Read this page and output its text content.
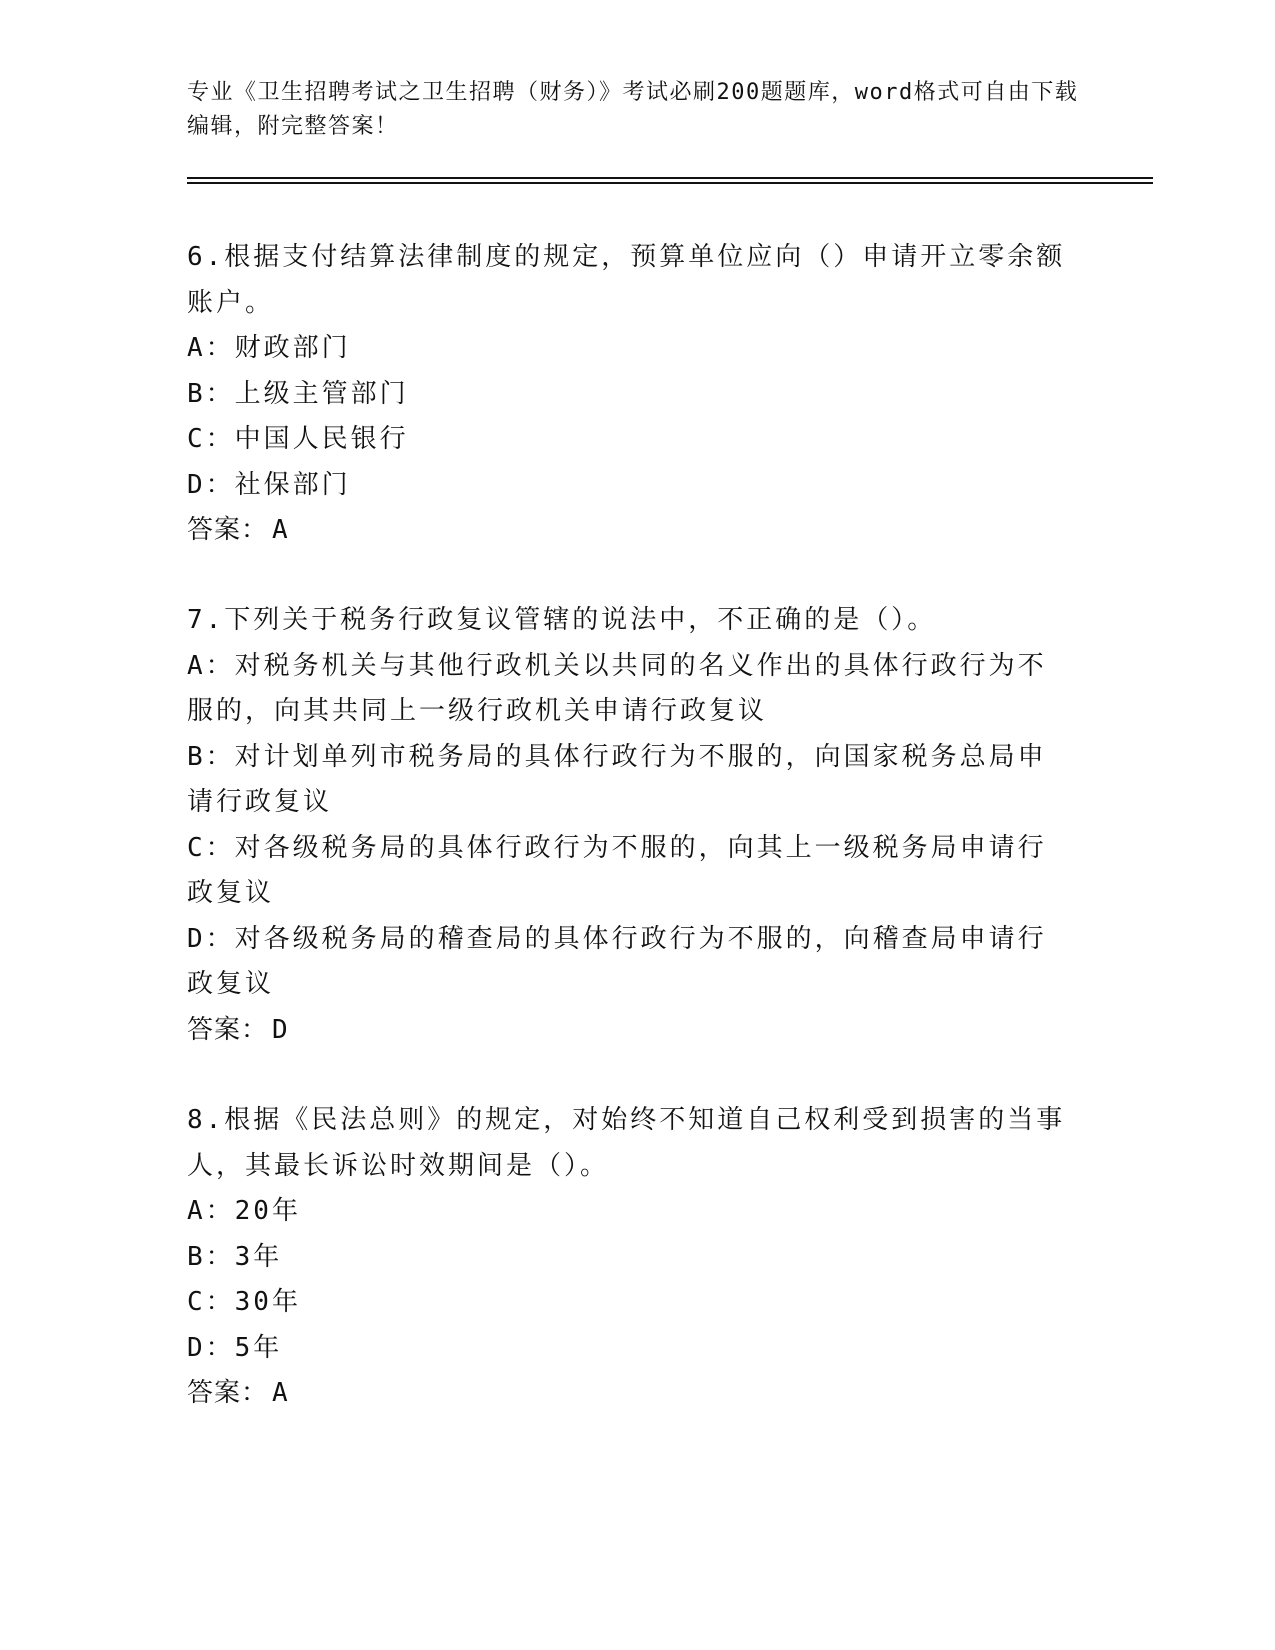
专业《卫生招聘考试之卫生招聘（财务）》考试必刷200题题库，word格式可自由下载编辑，附完整答案！

6.根据支付结算法律制度的规定，预算单位应向（）申请开立零余额账户。

A：财政部门

B：上级主管部门

C：中国人民银行

D：社保部门

答案： A

7.下列关于税务行政复议管辖的说法中，不正确的是（）。

A：对税务机关与其他行政机关以共同的名义作出的具体行政行为不服的，向其共同上一级行政机关申请行政复议

B：对计划单列市税务局的具体行政行为不服的，向国家税务总局申请行政复议

C：对各级税务局的具体行政行为不服的，向其上一级税务局申请行政复议

D：对各级税务局的稽查局的具体行政行为不服的，向稽查局申请行政复议

答案： D

8.根据《民法总则》的规定，对始终不知道自己权利受到损害的当事人，其最长诉讼时效期间是（）。

A：20年

B：3年

C：30年

D：5年

答案： A
